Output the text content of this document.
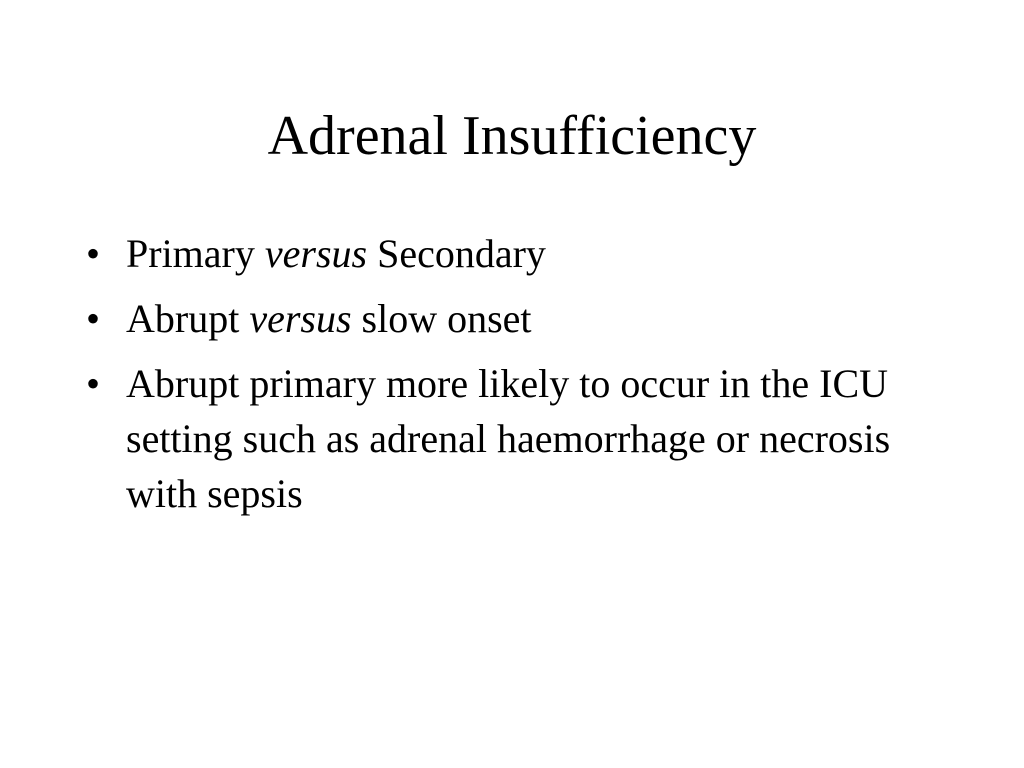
Adrenal Insufficiency
• Primary versus Secondary
• Abrupt versus slow onset
• Abrupt primary more likely to occur in the ICU setting such as adrenal haemorrhage or necrosis with sepsis
